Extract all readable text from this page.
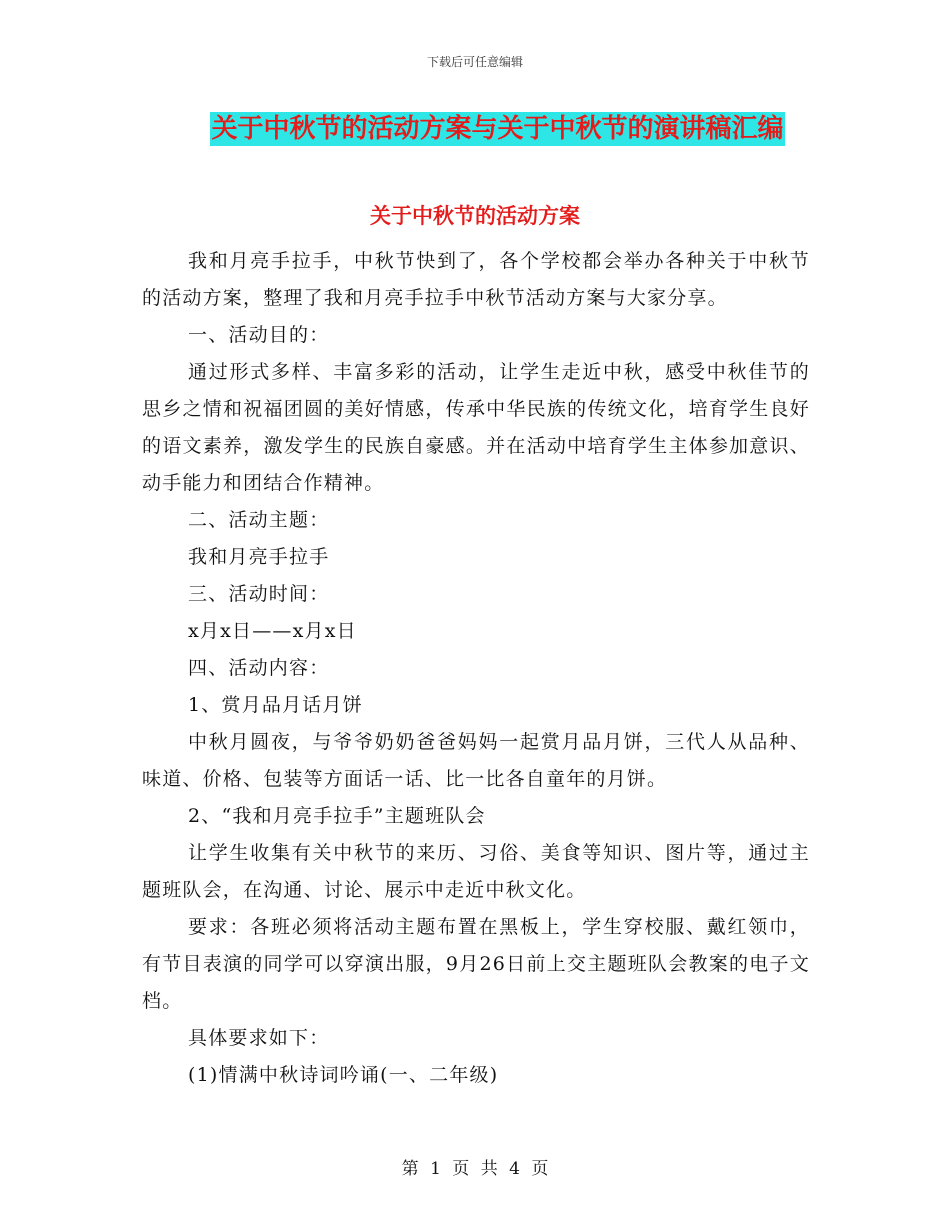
下载后可任意编辑
关于中秋节的活动方案与关于中秋节的演讲稿汇编
关于中秋节的活动方案

我和月亮手拉手，中秋节快到了，各个学校都会举办各种关于中秋节的活动方案，整理了我和月亮手拉手中秋节活动方案与大家分享。

一、活动目的：

通过形式多样、丰富多彩的活动，让学生走近中秋，感受中秋佳节的思乡之情和祝福团圆的美好情感，传承中华民族的传统文化，培育学生良好的语文素养，激发学生的民族自豪感。并在活动中培育学生主体参加意识、动手能力和团结合作精神。

二、活动主题：

我和月亮手拉手

三、活动时间：

x月x日——x月x日

四、活动内容：

1、赏月品月话月饼

中秋月圆夜，与爷爷奶奶爸爸妈妈一起赏月品月饼，三代人从品种、味道、价格、包装等方面话一话、比一比各自童年的月饼。

2、“我和月亮手拉手”主题班队会

让学生收集有关中秋节的来历、习俗、美食等知识、图片等，通过主题班队会，在沟通、讨论、展示中走近中秋文化。

要求：各班必须将活动主题布置在黑板上，学生穿校服、戴红领巾，有节目表演的同学可以穿演出服，9月26日前上交主题班队会教案的电子文档。

具体要求如下：

(1)情满中秋诗词吟诵(一、二年级)

第 1 页 共 4 页
